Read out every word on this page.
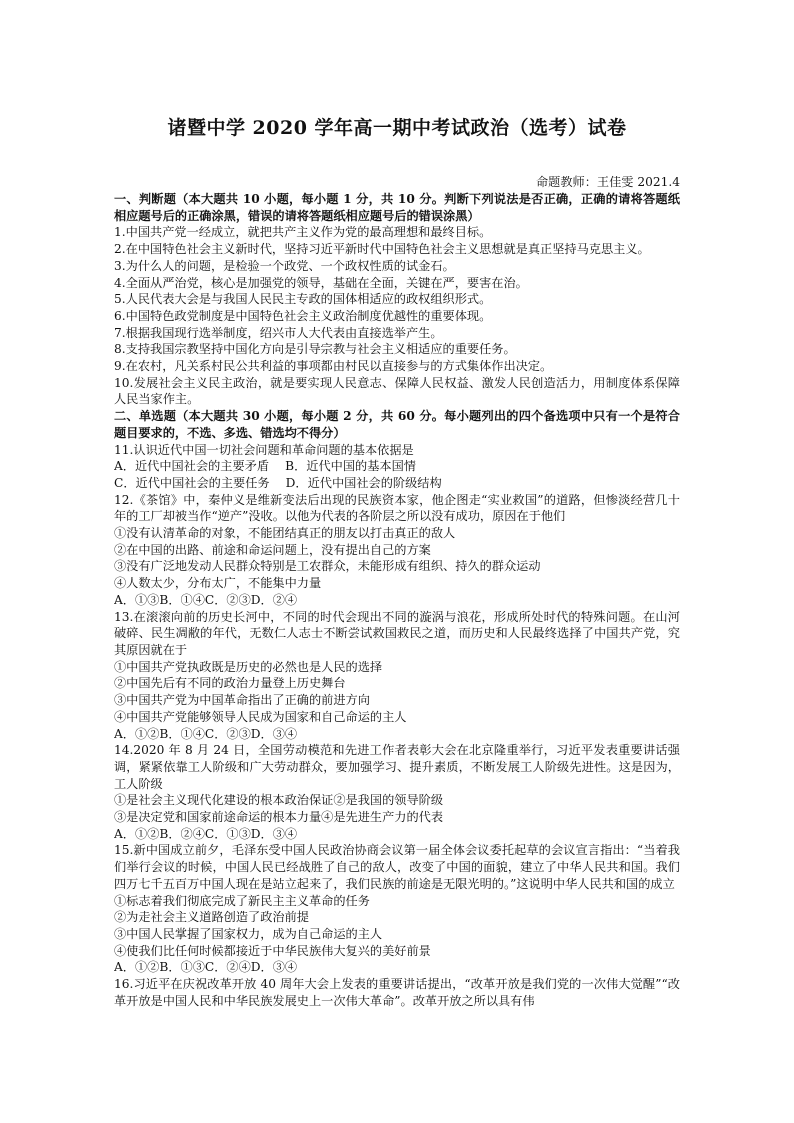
诸暨中学 2020 学年高一期中考试政治（选考）试卷
命题教师：王佳雯 2021.4
一、判断题（本大题共 10 小题，每小题 1 分，共 10 分。判断下列说法是否正确，正确的请将答题纸相应题号后的正确涂黑，错误的请将答题纸相应题号后的错误涂黑）
1.中国共产党一经成立，就把共产主义作为党的最高理想和最终目标。
2.在中国特色社会主义新时代，坚持习近平新时代中国特色社会主义思想就是真正坚持马克思主义。
3.为什么人的问题，是检验一个政党、一个政权性质的试金石。
4.全面从严治党，核心是加强党的领导，基础在全面，关键在严，要害在治。
5.人民代表大会是与我国人民民主专政的国体相适应的政权组织形式。
6.中国特色政党制度是中国特色社会主义政治制度优越性的重要体现。
7.根据我国现行选举制度，绍兴市人大代表由直接选举产生。
8.支持我国宗教坚持中国化方向是引导宗教与社会主义相适应的重要任务。
9.在农村，凡关系村民公共利益的事项都由村民以直接参与的方式集体作出决定。
10.发展社会主义民主政治，就是要实现人民意志、保障人民权益、激发人民创造活力，用制度体系保障人民当家作主。
二、单选题（本大题共 30 小题，每小题 2 分，共 60 分。每小题列出的四个备选项中只有一个是符合题目要求的，不选、多选、错选均不得分）
11.认识近代中国一切社会问题和革命问题的基本依据是
A．近代中国社会的主要矛盾　 B．近代中国的基本国情
C．近代中国社会的主要任务　 D．近代中国社会的阶级结构
12.《茶馆》中，秦仲义是维新变法后出现的民族资本家，他企图走“实业救国”的道路，但惨淡经营几十年的工厂却被当作“逆产”没收。以他为代表的各阶层之所以没有成功，原因在于他们
①没有认清革命的对象，不能团结真正的朋友以打击真正的敌人
②在中国的出路、前途和命运问题上，没有提出自己的方案
③没有广泛地发动人民群众特别是工农群众，未能形成有组织、持久的群众运动
④人数太少，分布太广，不能集中力量
A．①③B．①④C．②③D．②④
13.在滚滚向前的历史长河中，不同的时代会现出不同的漩涡与浪花，形成所处时代的特殊问题。在山河破碎、民生凋敝的年代，无数仁人志士不断尝试救国救民之道，而历史和人民最终选择了中国共产党，究其原因就在于
①中国共产党执政既是历史的必然也是人民的选择
②中国先后有不同的政治力量登上历史舞台
③中国共产党为中国革命指出了正确的前进方向
④中国共产党能够领导人民成为国家和自己命运的主人
A．①②B．①④C．②③D．③④
14.2020 年 8 月 24 日，全国劳动模范和先进工作者表彰大会在北京隆重举行，习近平发表重要讲话强调，紧紧依靠工人阶级和广大劳动群众，要加强学习、提升素质，不断发展工人阶级先进性。这是因为，工人阶级
①是社会主义现代化建设的根本政治保证②是我国的领导阶级
③是决定党和国家前途命运的根本力量④是先进生产力的代表
A．①②B．②④C．①③D．③④
15.新中国成立前夕，毛泽东受中国人民政治协商会议第一届全体会议委托起草的会议宣言指出：“当着我们举行会议的时候，中国人民已经战胜了自己的敌人，改变了中国的面貌，建立了中华人民共和国。我们四万七千五百万中国人现在是站立起来了，我们民族的前途是无限光明的。”这说明中华人民共和国的成立
①标志着我们彻底完成了新民主主义革命的任务
②为走社会主义道路创造了政治前提
③中国人民掌握了国家权力，成为自己命运的主人
④使我们比任何时候都接近于中华民族伟大复兴的美好前景
A．①②B．①③C．②④D．③④
16.习近平在庆祝改革开放 40 周年大会上发表的重要讲话提出，“改革开放是我们党的一次伟大觉醒”“改革开放是中国人民和中华民族发展史上一次伟大革命”。改革开放之所以具有伟
